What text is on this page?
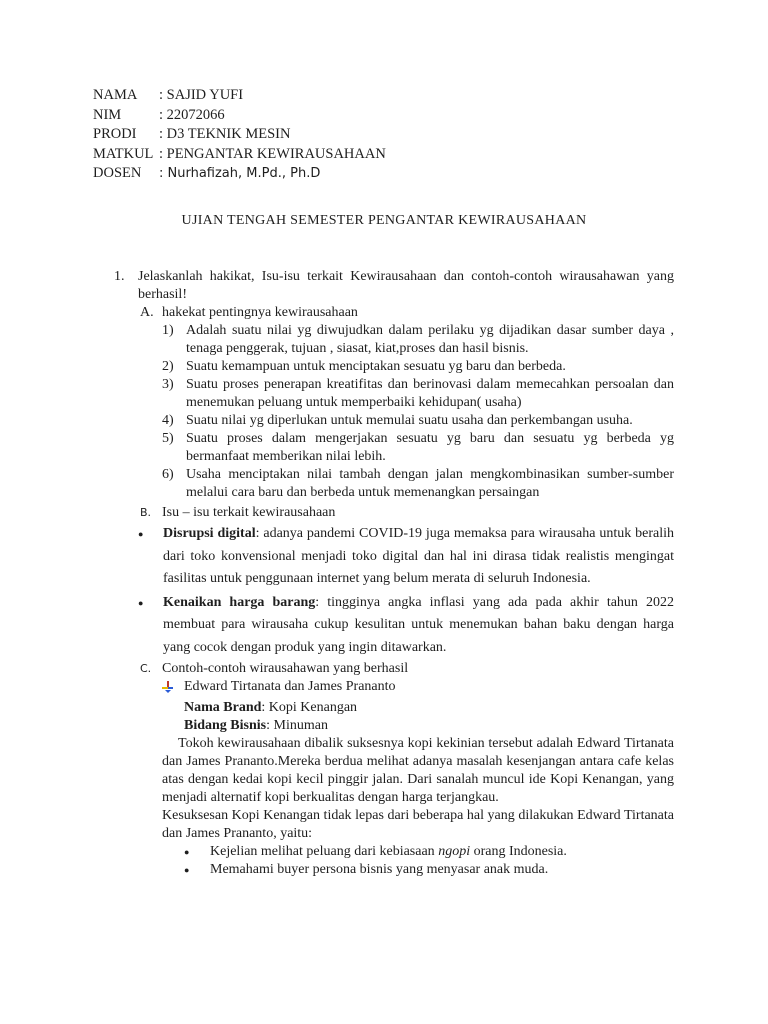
NAMA	: SAJID YUFI
NIM	: 22072066
PRODI	: D3 TEKNIK MESIN
MATKUL : PENGANTAR KEWIRAUSAHAAN
DOSEN	: Nurhafizah, M.Pd., Ph.D
UJIAN TENGAH SEMESTER PENGANTAR KEWIRAUSAHAAN
1. Jelaskanlah hakikat, Isu-isu terkait Kewirausahaan dan contoh-contoh wirausahawan yang berhasil!
A. hakekat pentingnya kewirausahaan
1) Adalah suatu nilai yg diwujudkan dalam perilaku yg dijadikan dasar sumber daya , tenaga penggerak, tujuan , siasat, kiat,proses dan hasil bisnis.
2) Suatu kemampuan untuk menciptakan sesuatu yg baru dan berbeda.
3) Suatu proses penerapan kreatifitas dan berinovasi dalam memecahkan persoalan dan menemukan peluang untuk memperbaiki kehidupan( usaha)
4) Suatu nilai yg diperlukan untuk memulai suatu usaha dan perkembangan usuha.
5) Suatu proses dalam mengerjakan sesuatu yg baru dan sesuatu yg berbeda yg bermanfaat memberikan nilai lebih.
6) Usaha menciptakan nilai tambah dengan jalan mengkombinasikan sumber-sumber melalui cara baru dan berbeda untuk memenangkan persaingan
B. Isu – isu terkait kewirausahaan
●	Disrupsi digital: adanya pandemi COVID-19 juga memaksa para wirausaha untuk beralih dari toko konvensional menjadi toko digital dan hal ini dirasa tidak realistis mengingat fasilitas untuk penggunaan internet yang belum merata di seluruh Indonesia.
●	Kenaikan harga barang: tingginya angka inflasi yang ada pada akhir tahun 2022 membuat para wirausaha cukup kesulitan untuk menemukan bahan baku dengan harga yang cocok dengan produk yang ingin ditawarkan.
C. Contoh-contoh wirausahawan yang berhasil
Edward Tirtanata dan James Prananto
Nama Brand: Kopi Kenangan
Bidang Bisnis: Minuman
Tokoh kewirausahaan dibalik suksesnya kopi kekinian tersebut adalah Edward Tirtanata dan James Prananto.Mereka berdua melihat adanya masalah kesenjangan antara cafe kelas atas dengan kedai kopi kecil pinggir jalan. Dari sanalah muncul ide Kopi Kenangan, yang menjadi alternatif kopi berkualitas dengan harga terjangkau.
Kesuksesan Kopi Kenangan tidak lepas dari beberapa hal yang dilakukan Edward Tirtanata dan James Prananto, yaitu:
●	Kejelian melihat peluang dari kebiasaan ngopi orang Indonesia.
●	Memahami buyer persona bisnis yang menyasar anak muda.
